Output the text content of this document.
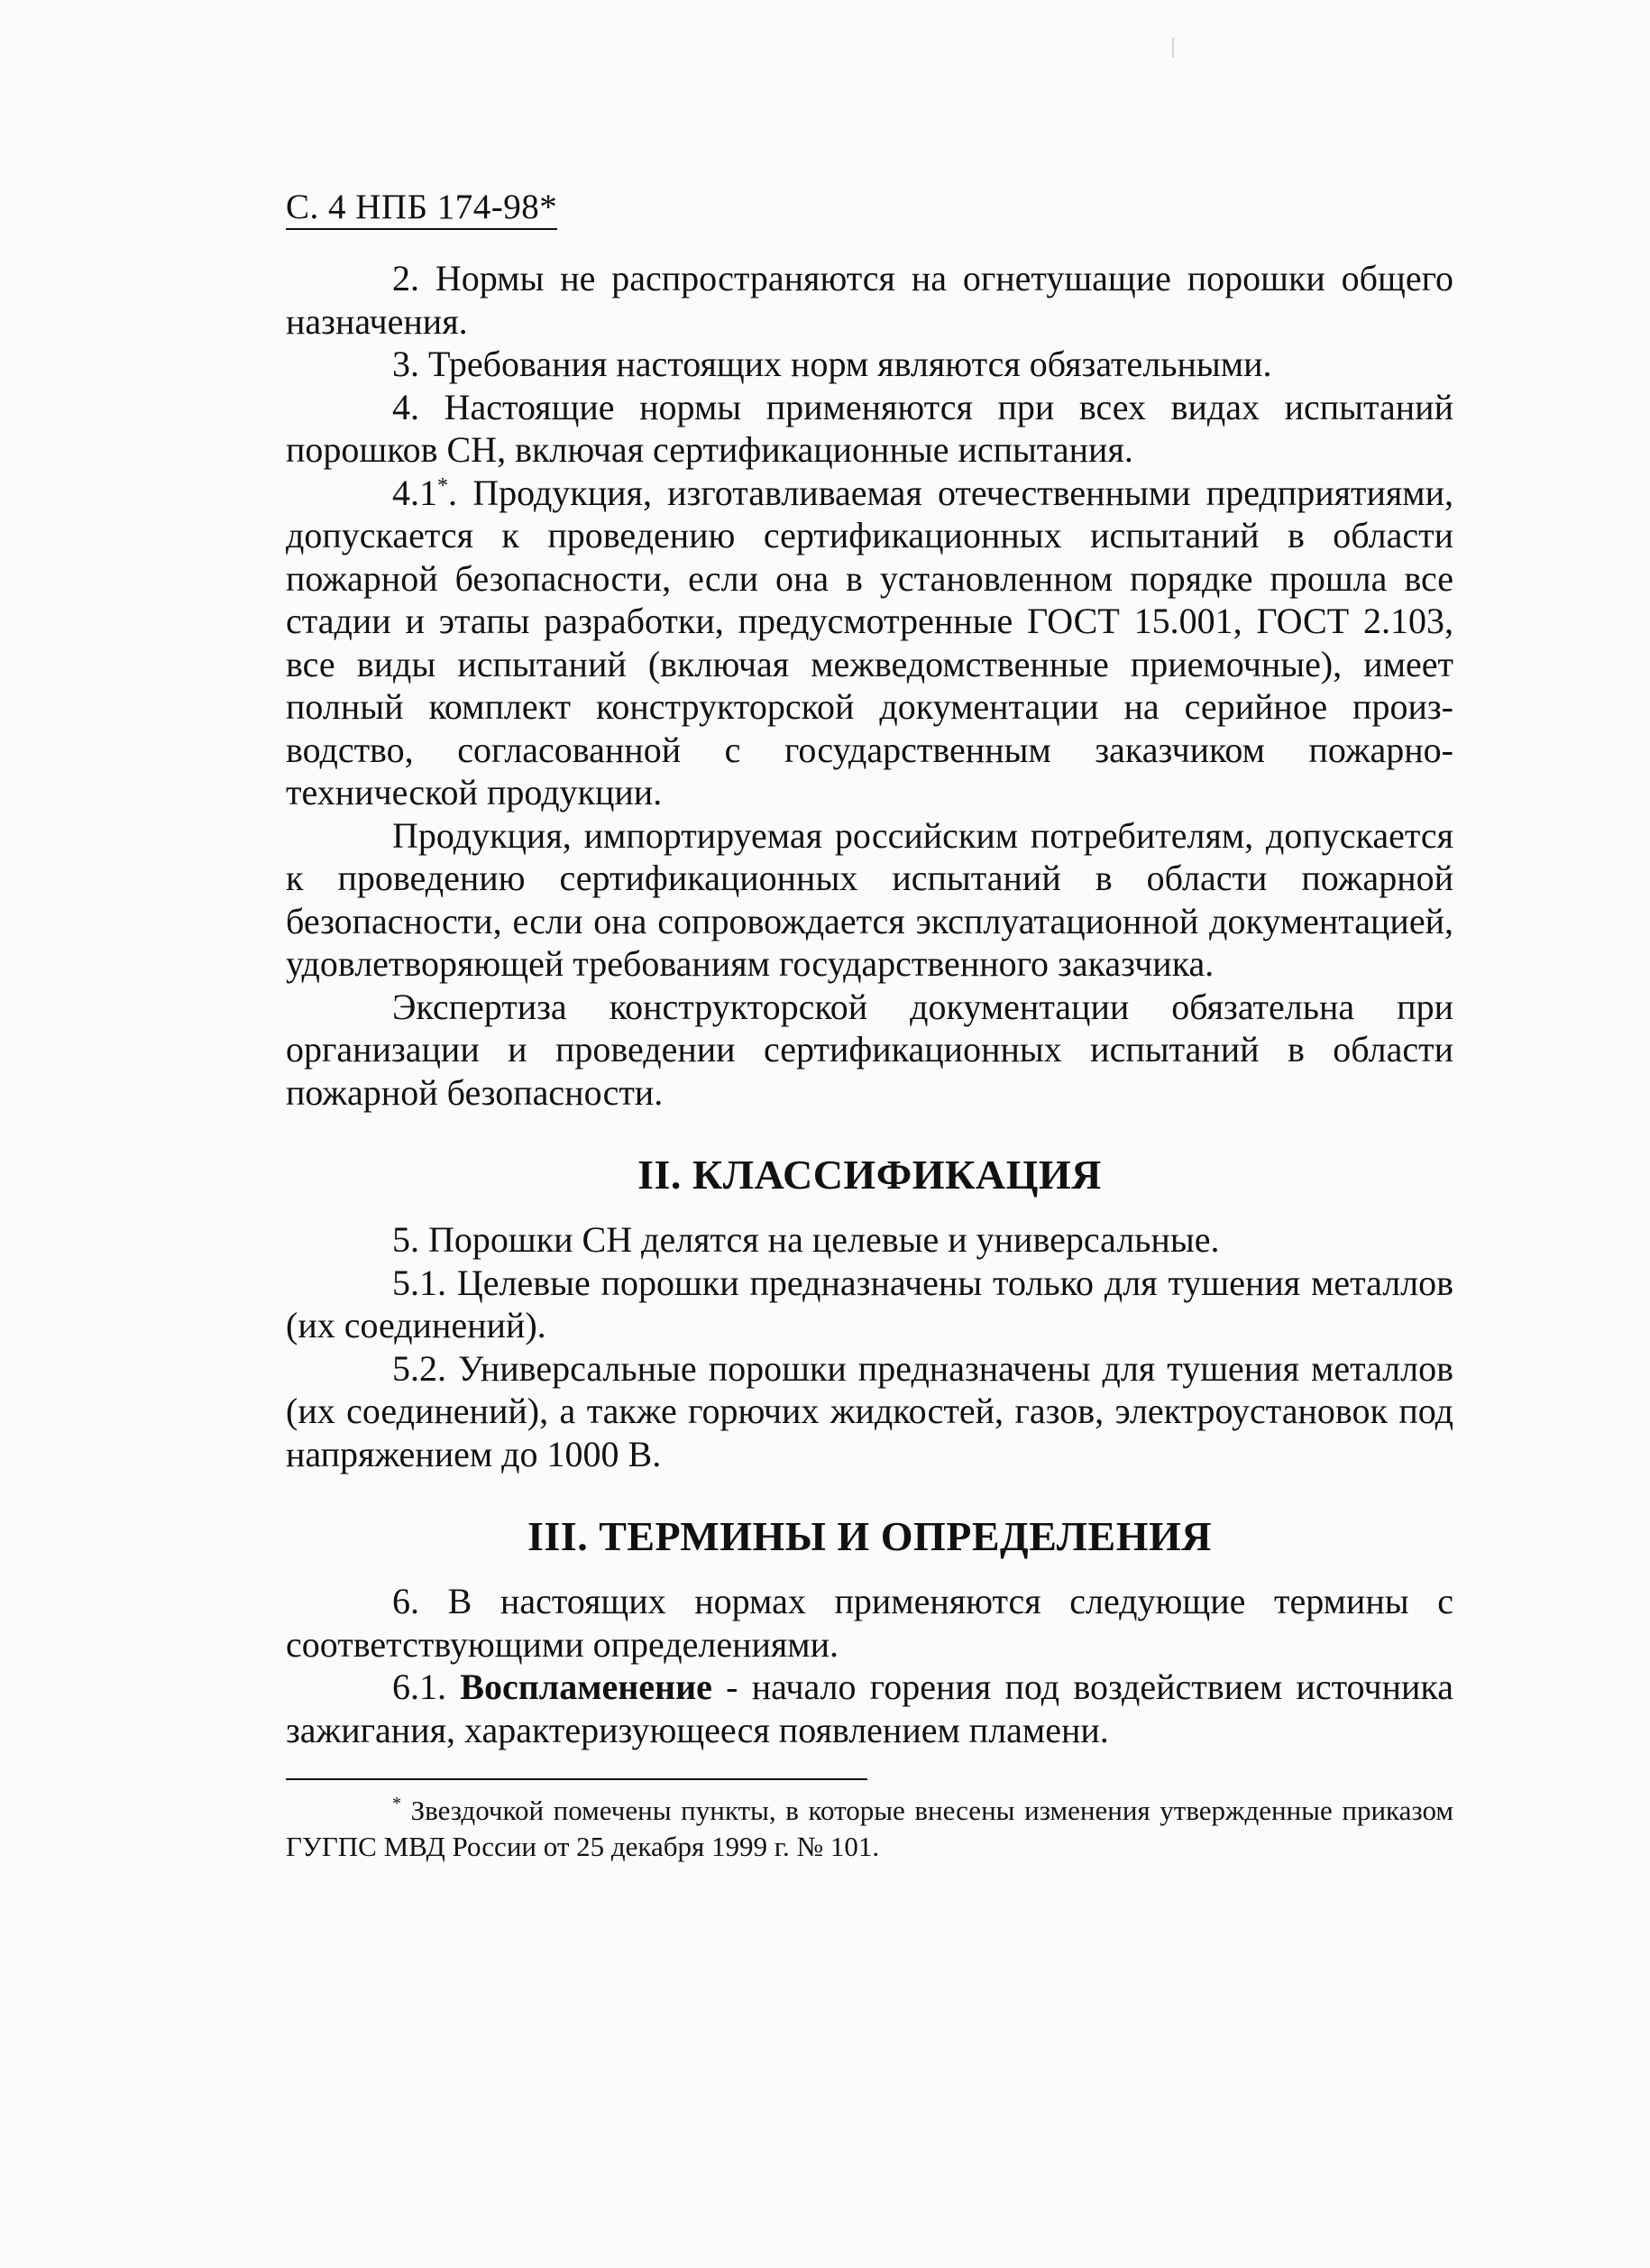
С. 4 НПБ 174-98*

2. Нормы не распространяются на огнетушащие порошки общего назначения.

3. Требования настоящих норм являются обязательными.

4. Настоящие нормы применяются при всех видах испытаний порошков СН, включая сертификационные испытания.

4.1*. Продукция, изготавливаемая отечественными предприятиями, допускается к проведению сертификационных испытаний в области пожарной безопасности, если она в установленном порядке прошла все стадии и этапы разработки, предусмотренные ГОСТ 15.001, ГОСТ 2.103, все виды испытаний (включая межведомственные приемочные), имеет полный комплект конструкторской документации на серийное производство, согласованной с государственным заказчиком пожарно-технической продукции.

Продукция, импортируемая российским потребителям, допускается к проведению сертификационных испытаний в области пожарной безопасности, если она сопровождается эксплуатационной документацией, удовлетворяющей требованиям государственного заказчика.

Экспертиза конструкторской документации обязательна при организации и проведении сертификационных испытаний в области пожарной безопасности.

II. КЛАССИФИКАЦИЯ

5. Порошки СН делятся на целевые и универсальные.

5.1. Целевые порошки предназначены только для тушения металлов (их соединений).

5.2. Универсальные порошки предназначены для тушения металлов (их соединений), а также горючих жидкостей, газов, электроустановок под напряжением до 1000 В.

III. ТЕРМИНЫ И ОПРЕДЕЛЕНИЯ

6. В настоящих нормах применяются следующие термины с соответствующими определениями.

6.1. Воспламенение - начало горения под воздействием источника зажигания, характеризующееся появлением пламени.

* Звездочкой помечены пункты, в которые внесены изменения утвержденные приказом ГУГПС МВД России от 25 декабря 1999 г. № 101.
